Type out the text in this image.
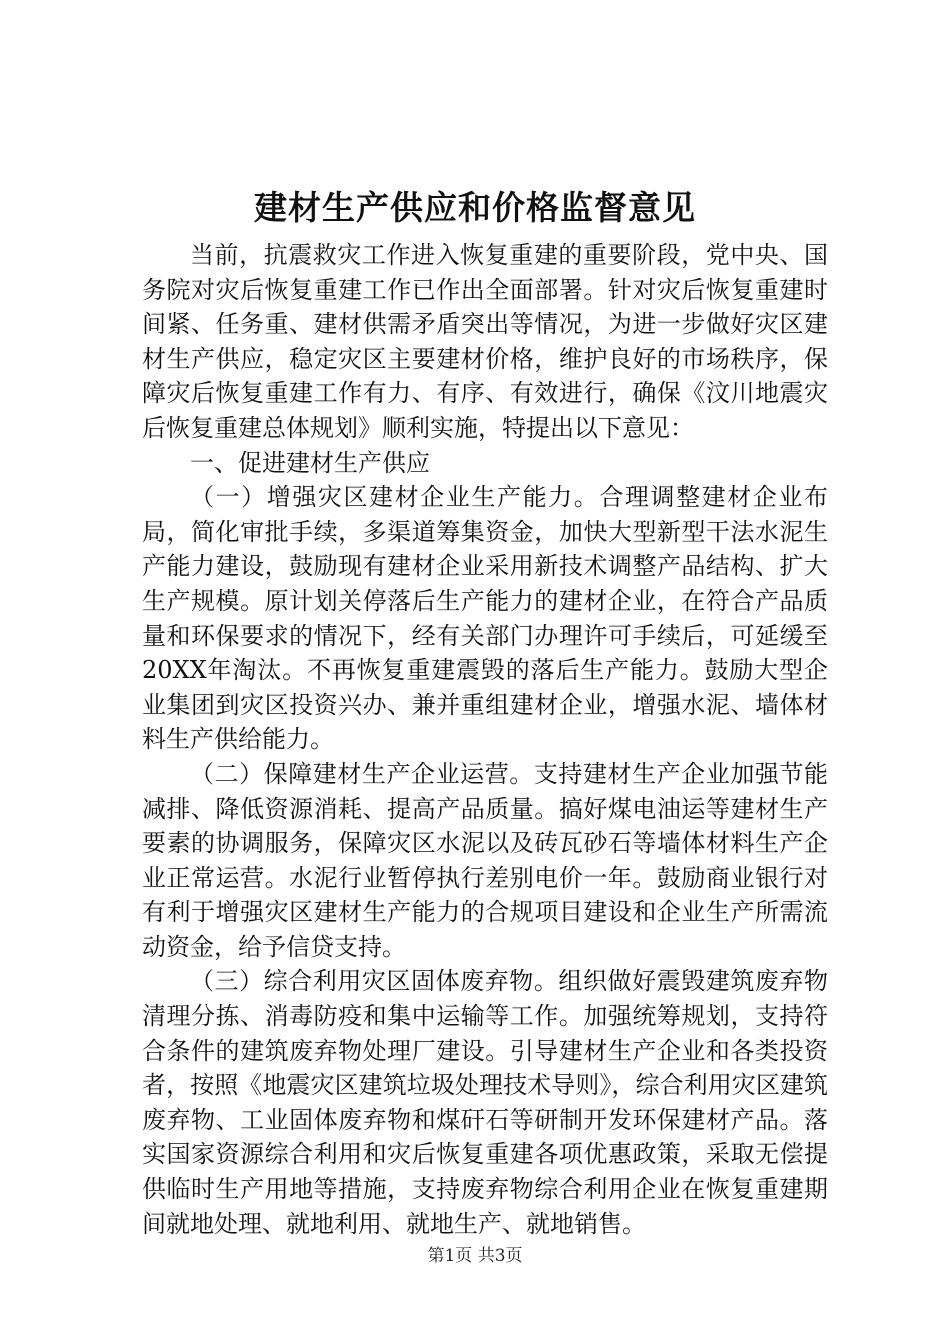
建材生产供应和价格监督意见

当前，抗震救灾工作进入恢复重建的重要阶段，党中央、国务院对灾后恢复重建工作已作出全面部署。针对灾后恢复重建时间紧、任务重、建材供需矛盾突出等情况，为进一步做好灾区建材生产供应，稳定灾区主要建材价格，维护良好的市场秩序，保障灾后恢复重建工作有力、有序、有效进行，确保《汶川地震灾后恢复重建总体规划》顺利实施，特提出以下意见：

一、促进建材生产供应

（一）增强灾区建材企业生产能力。合理调整建材企业布局，简化审批手续，多渠道筹集资金，加快大型新型干法水泥生产能力建设，鼓励现有建材企业采用新技术调整产品结构、扩大生产规模。原计划关停落后生产能力的建材企业，在符合产品质量和环保要求的情况下，经有关部门办理许可手续后，可延缓至20XX年淘汰。不再恢复重建震毁的落后生产能力。鼓励大型企业集团到灾区投资兴办、兼并重组建材企业，增强水泥、墙体材料生产供给能力。

（二）保障建材生产企业运营。支持建材生产企业加强节能减排、降低资源消耗、提高产品质量。搞好煤电油运等建材生产要素的协调服务，保障灾区水泥以及砖瓦砂石等墙体材料生产企业正常运营。水泥行业暂停执行差别电价一年。鼓励商业银行对有利于增强灾区建材生产能力的合规项目建设和企业生产所需流动资金，给予信贷支持。

（三）综合利用灾区固体废弃物。组织做好震毁建筑废弃物清理分拣、消毒防疫和集中运输等工作。加强统筹规划，支持符合条件的建筑废弃物处理厂建设。引导建材生产企业和各类投资者，按照《地震灾区建筑垃圾处理技术导则》，综合利用灾区建筑废弃物、工业固体废弃物和煤矸石等研制开发环保建材产品。落实国家资源综合利用和灾后恢复重建各项优惠政策，采取无偿提供临时生产用地等措施，支持废弃物综合利用企业在恢复重建期间就地处理、就地利用、就地生产、就地销售。

第1页 共3页
